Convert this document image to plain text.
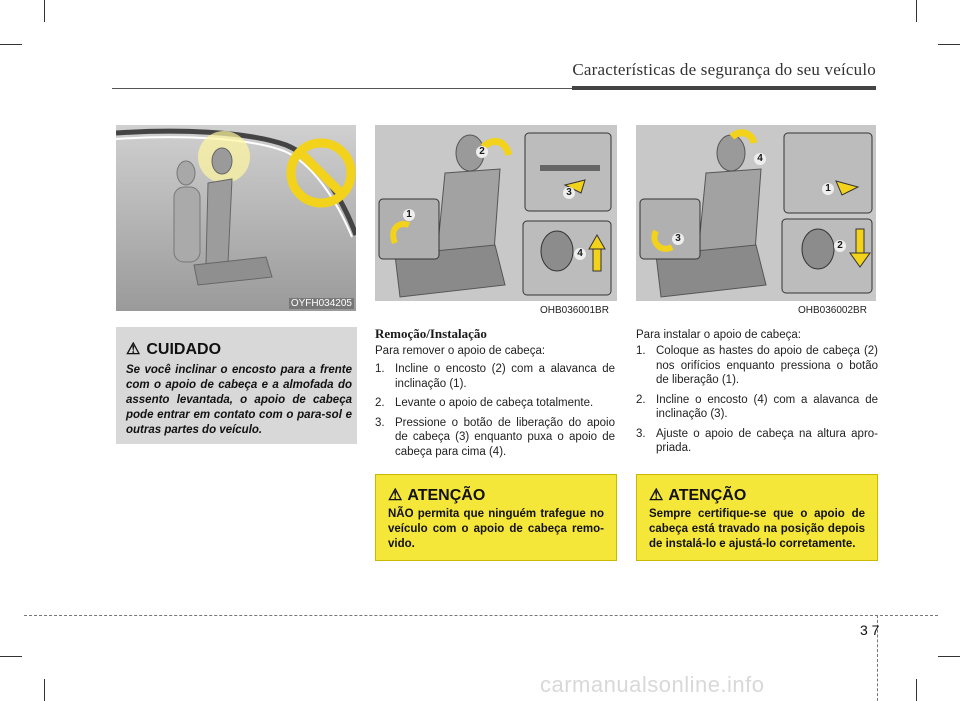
Características de segurança do seu veículo
OYFH034205
2
3
1
4
OHB036001BR
4
1
3
2
OHB036002BR
⚠ CUIDADO
Se você inclinar o encosto para a frente com o apoio de cabeça e a almofada do assento levantada, o apoio de cabeça pode entrar em contato com o para-sol e outras partes do veículo.
Remoção/Instalação
Para remover o apoio de cabeça:
1. Incline o encosto (2) com a alavanca de inclinação (1).
2. Levante o apoio de cabeça totalmente.
3. Pressione o botão de liberação do apoio de cabeça (3) enquanto puxa o apoio de cabeça para cima (4).
Para instalar o apoio de cabeça:
1. Coloque as hastes do apoio de cabeça (2) nos orifícios enquanto pressiona o botão de liberação (1).
2. Incline o encosto (4) com a alavanca de inclinação (3).
3. Ajuste o apoio de cabeça na altura apro-priada.
⚠ ATENÇÃO
NÃO permita que ninguém trafegue no veículo com o apoio de cabeça remo-vido.
⚠ ATENÇÃO
Sempre certifique-se que o apoio de cabeça está travado na posição depois de instalá-lo e ajustá-lo corretamente.
3 7
carmanualsonline.info
